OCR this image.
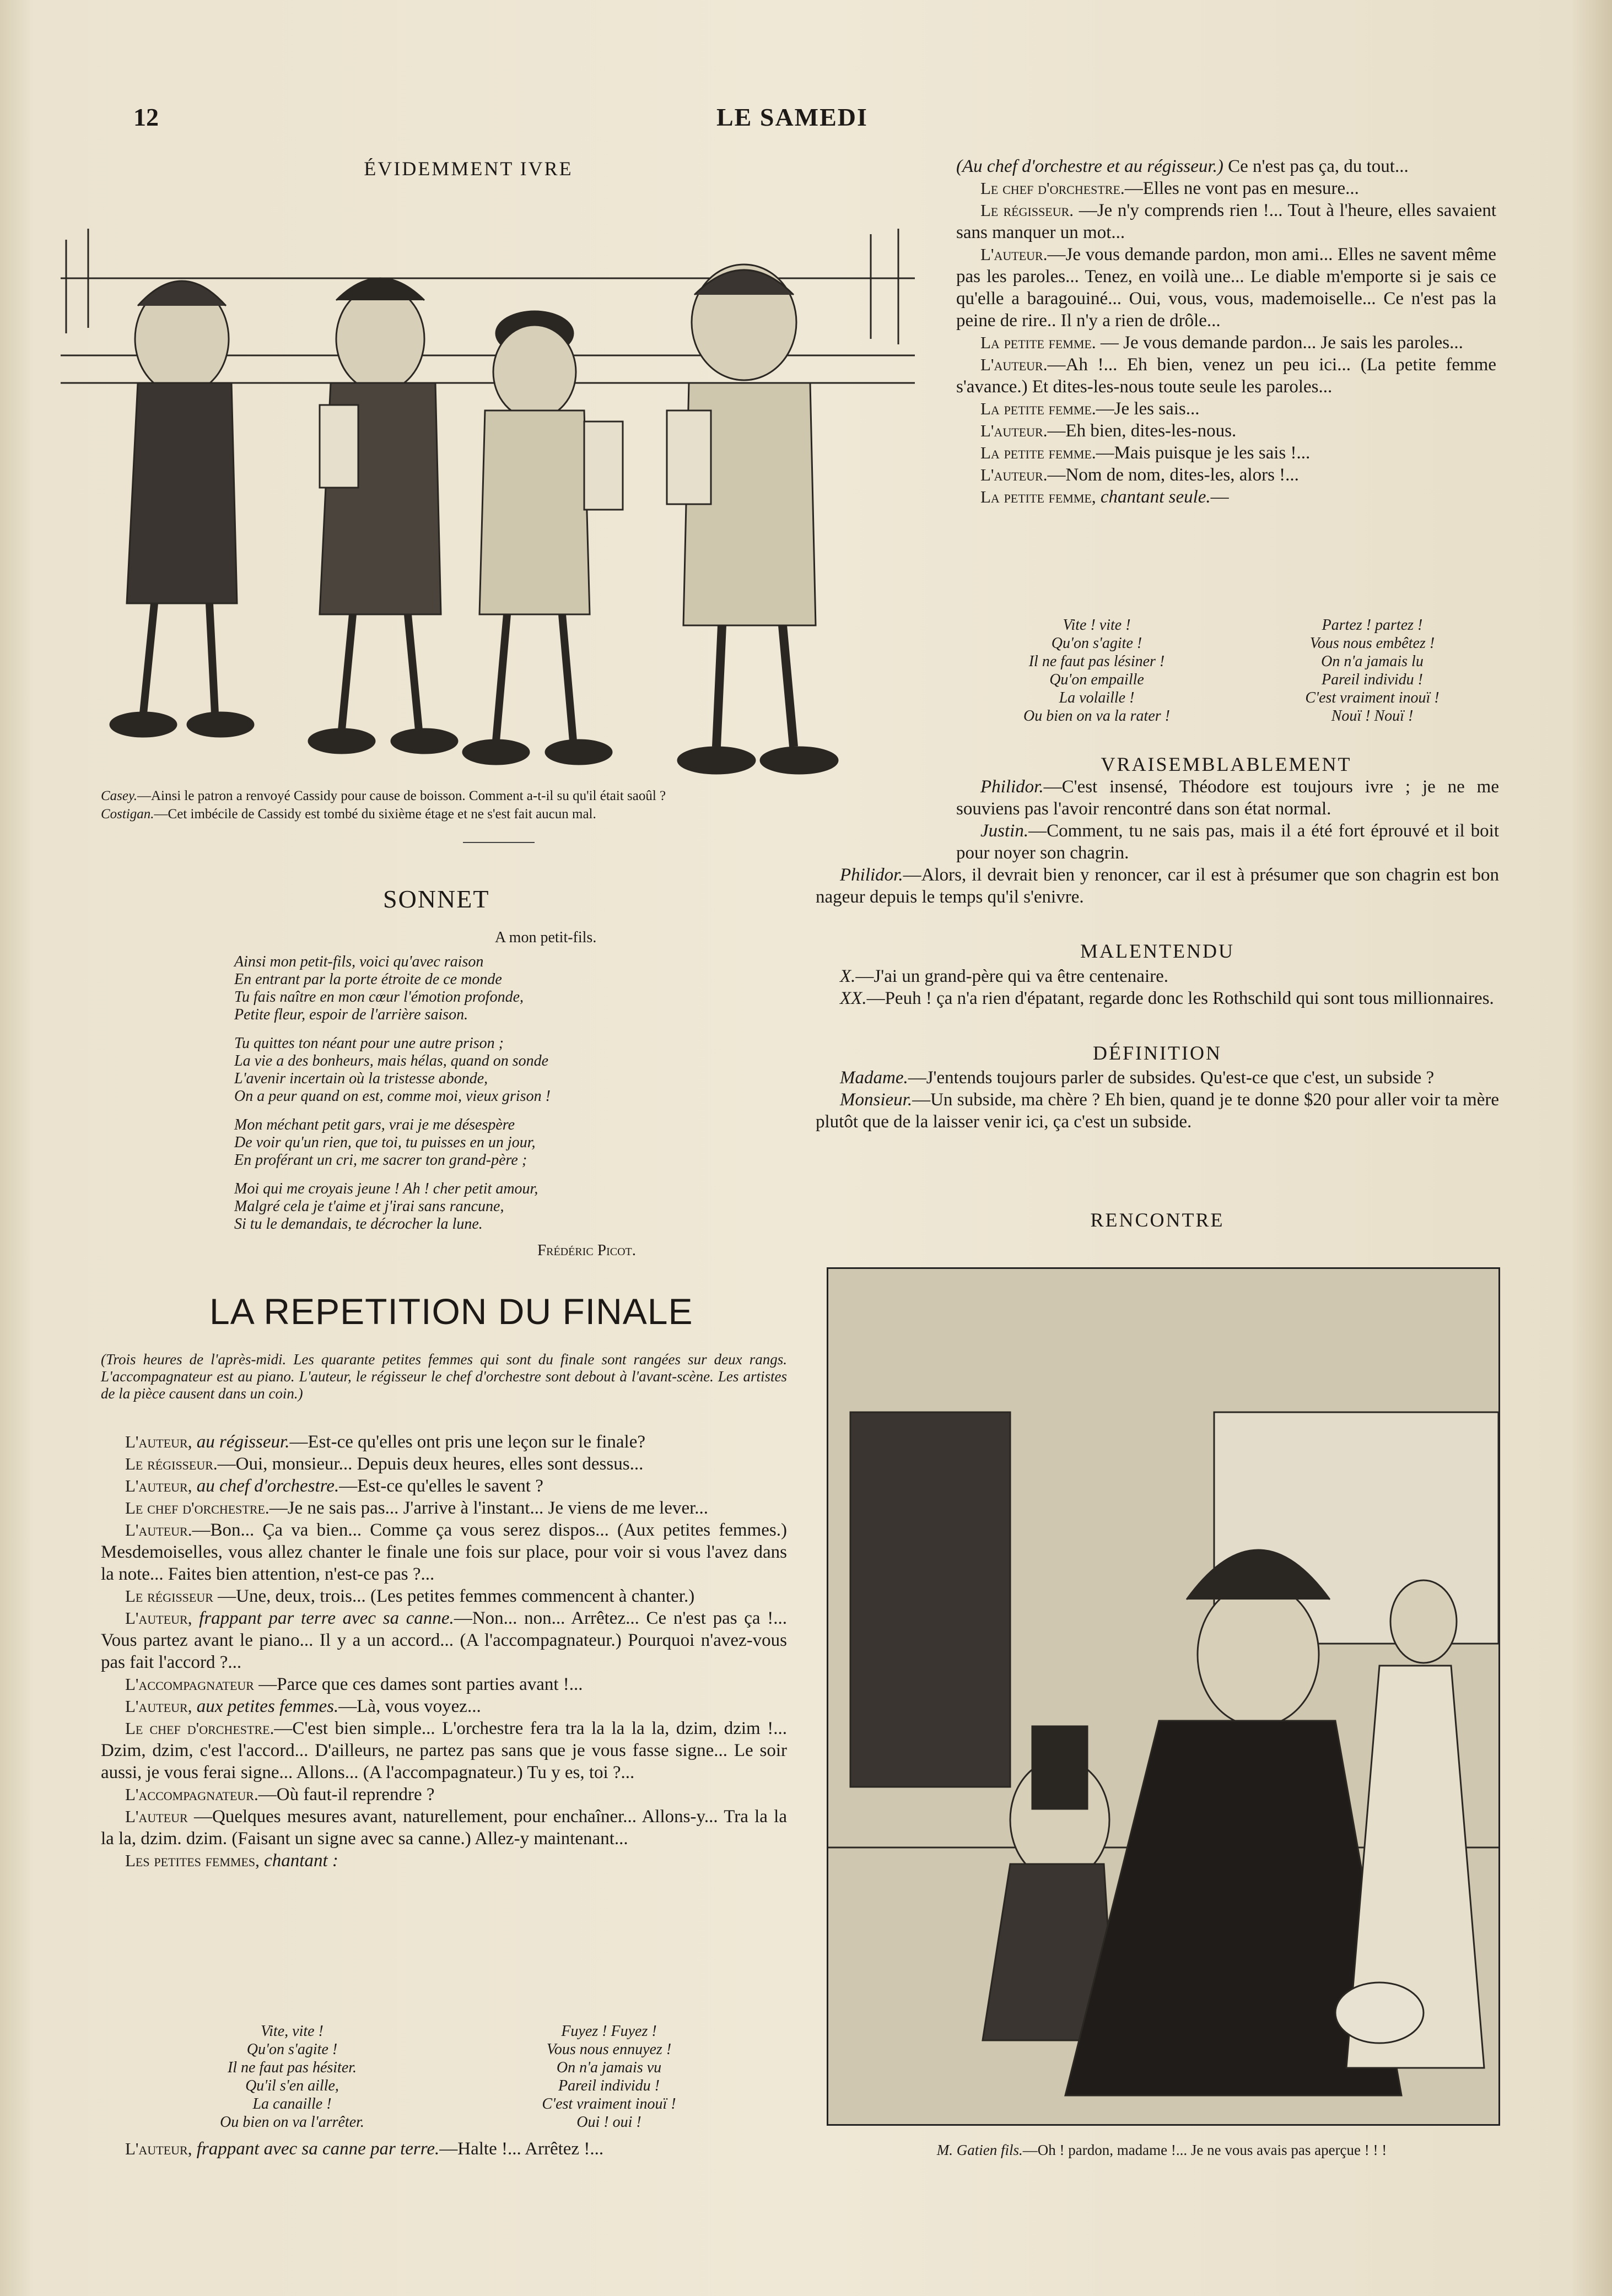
12	LE SAMEDI
ÉVIDEMMENT IVRE
Casey.—Ainsi le patron a renvoyé Cassidy pour cause de boisson. Comment a-t-il su qu'il était saoûl ?
Costigan.—Cet imbécile de Cassidy est tombé du sixième étage et ne s'est fait aucun mal.
SONNET
A mon petit-fils.
Ainsi mon petit-fils, voici qu'avec raison
En entrant par la porte étroite de ce monde
Tu fais naître en mon cœur l'émotion profonde,
Petite fleur, espoir de l'arrière saison.
Tu quittes ton néant pour une autre prison ;
La vie a des bonheurs, mais hélas, quand on sonde
L'avenir incertain où la tristesse abonde,
On a peur quand on est, comme moi, vieux grison !
Mon méchant petit gars, vrai je me désespère
De voir qu'un rien, que toi, tu puisses en un jour,
En proférant un cri, me sacrer ton grand-père ;
Moi qui me croyais jeune ! Ah ! cher petit amour,
Malgré cela je t'aime et j'irai sans rancune,
Si tu le demandais, te décrocher la lune.
Frédéric Picot.
LA REPETITION DU FINALE
(Trois heures de l'après-midi. Les quarante petites femmes qui sont du finale sont rangées sur deux rangs. L'accompagnateur est au piano. L'auteur, le régisseur le chef d'orchestre sont debout à l'avant-scène. Les artistes de la pièce causent dans un coin.)

L'auteur, au régisseur.—Est-ce qu'elles ont pris une leçon sur le finale?

Le régisseur.—Oui, monsieur... Depuis deux heures, elles sont dessus...

L'auteur, au chef d'orchestre.—Est-ce qu'elles le savent ?

Le chef d'orchestre.—Je ne sais pas... J'arrive à l'instant... Je viens de me lever...

L'auteur.—Bon... Ça va bien... Comme ça vous serez dispos... (Aux petites femmes.) Mesdemoiselles, vous allez chanter le finale une fois sur place, pour voir si vous l'avez dans la note... Faites bien attention, n'est-ce pas ?...

Le régisseur —Une, deux, trois... (Les petites femmes commencent à chanter.)

L'auteur, frappant par terre avec sa canne.—Non... non... Arrêtez... Ce n'est pas ça !... Vous partez avant le piano... Il y a un accord... (A l'accompagnateur.) Pourquoi n'avez-vous pas fait l'accord ?...

L'accompagnateur —Parce que ces dames sont parties avant !...

L'auteur, aux petites femmes.—Là, vous voyez...

Le chef d'orchestre.—C'est bien simple... L'orchestre fera tra la la la la, dzim, dzim !... Dzim, dzim, c'est l'accord... D'ailleurs, ne partez pas sans que je vous fasse signe... Le soir aussi, je vous ferai signe... Allons... (A l'accompagnateur.) Tu y es, toi ?...

L'accompagnateur.—Où faut-il reprendre ?

L'auteur —Quelques mesures avant, naturellement, pour enchaîner... Allons-y... Tra la la la la, dzim. dzim. (Faisant un signe avec sa canne.) Allez-y maintenant...

Les petites femmes, chantant :

Vite, vite !
Qu'on s'agite !
Il ne faut pas hésiter.
Qu'il s'en aille,
La canaille !
Ou bien on va l'arrêter.
Fuyez ! Fuyez !
Vous nous ennuyez !
On n'a jamais vu
Pareil individu !
C'est vraiment inouï !
Oui ! oui !

L'auteur, frappant avec sa canne par terre.—Halte !... Arrêtez !...

(Au chef d'orchestre et au régisseur.) Ce n'est pas ça, du tout...

Le chef d'orchestre.—Elles ne vont pas en mesure...

Le régisseur. —Je n'y comprends rien !... Tout à l'heure, elles savaient sans manquer un mot...

L'auteur.—Je vous demande pardon, mon ami... Elles ne savent même pas les paroles... Tenez, en voilà une... Le diable m'emporte si je sais ce qu'elle a baragouiné... Oui, vous, vous, mademoiselle... Ce n'est pas la peine de rire.. Il n'y a rien de drôle...

La petite femme. — Je vous demande pardon... Je sais les paroles...

L'auteur.—Ah !... Eh bien, venez un peu ici... (La petite femme s'avance.) Et dites-les-nous toute seule les paroles...

La petite femme.—Je les sais...

L'auteur.—Eh bien, dites-les-nous.

La petite femme.—Mais puisque je les sais !...

L'auteur.—Nom de nom, dites-les, alors !...

La petite femme, chantant seule.—

Vite ! vite !
Qu'on s'agite !
Il ne faut pas lésiner !
Qu'on empaille
La volaille !
Ou bien on va la rater !
Partez ! partez !
Vous nous embêtez !
On n'a jamais lu
Pareil individu !
C'est vraiment inouï !
Nouï ! Nouï !
VRAISEMBLABLEMENT

Philidor.—C'est insensé, Théodore est toujours ivre ; je ne me souviens pas l'avoir rencontré dans son état normal.

Justin.—Comment, tu ne sais pas, mais il a été fort éprouvé et il boit pour noyer son chagrin.

Philidor.—Alors, il devrait bien y renoncer, car il est à présumer que son chagrin est bon nageur depuis le temps qu'il s'enivre.

MALENTENDU

X.—J'ai un grand-père qui va être centenaire.

XX.—Peuh ! ça n'a rien d'épatant, regarde donc les Rothschild qui sont tous millionnaires.

DÉFINITION

Madame.—J'entends toujours parler de subsides. Qu'est-ce que c'est, un subside ?

Monsieur.—Un subside, ma chère ? Eh bien, quand je te donne $20 pour aller voir ta mère plutôt que de la laisser venir ici, ça c'est un subside.

RENCONTRE
M. Gatien fils.—Oh ! pardon, madame !... Je ne vous avais pas aperçue ! ! !
